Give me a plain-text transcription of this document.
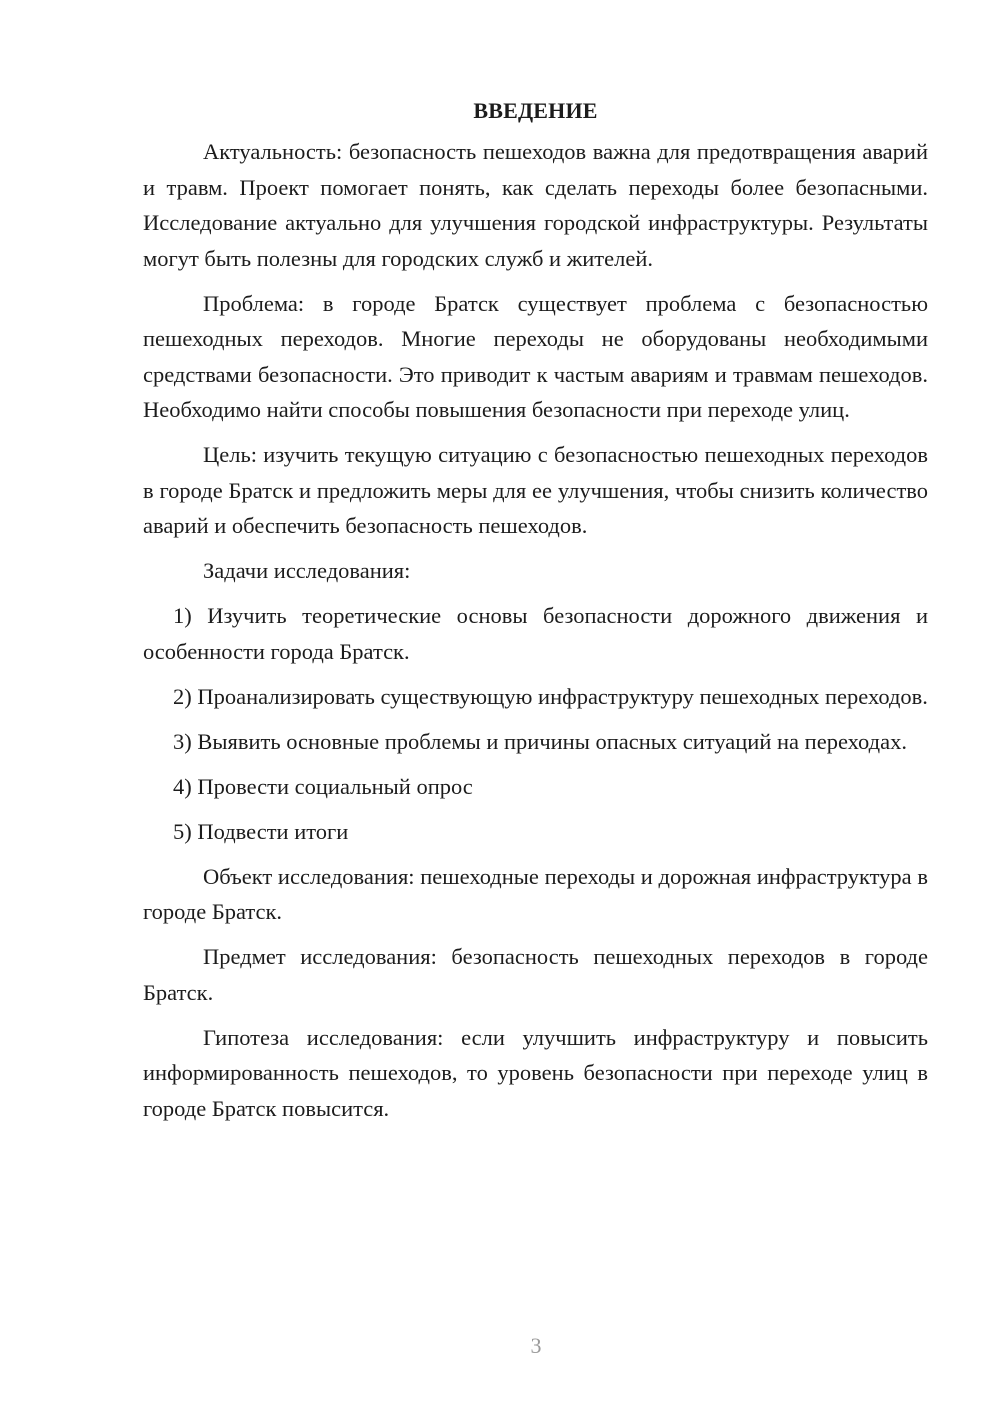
ВВЕДЕНИЕ

Актуальность: безопасность пешеходов важна для предотвращения аварий и травм. Проект помогает понять, как сделать переходы более безопасными. Исследование актуально для улучшения городской инфраструктуры. Результаты могут быть полезны для городских служб и жителей.

Проблема: в городе Братск существует проблема с безопасностью пешеходных переходов. Многие переходы не оборудованы необходимыми средствами безопасности. Это приводит к частым авариям и травмам пешеходов. Необходимо найти способы повышения безопасности при переходе улиц.

Цель: изучить текущую ситуацию с безопасностью пешеходных переходов в городе Братск и предложить меры для ее улучшения, чтобы снизить количество аварий и обеспечить безопасность пешеходов.

Задачи исследования:

1) Изучить теоретические основы безопасности дорожного движения и особенности города Братск.

2) Проанализировать существующую инфраструктуру пешеходных переходов.

3) Выявить основные проблемы и причины опасных ситуаций на переходах.

4) Провести социальный опрос

5) Подвести итоги

Объект исследования: пешеходные переходы и дорожная инфраструктура в городе Братск.

Предмет исследования: безопасность пешеходных переходов в городе Братск.

Гипотеза исследования: если улучшить инфраструктуру и повысить информированность пешеходов, то уровень безопасности при переходе улиц в городе Братск повысится.

3
